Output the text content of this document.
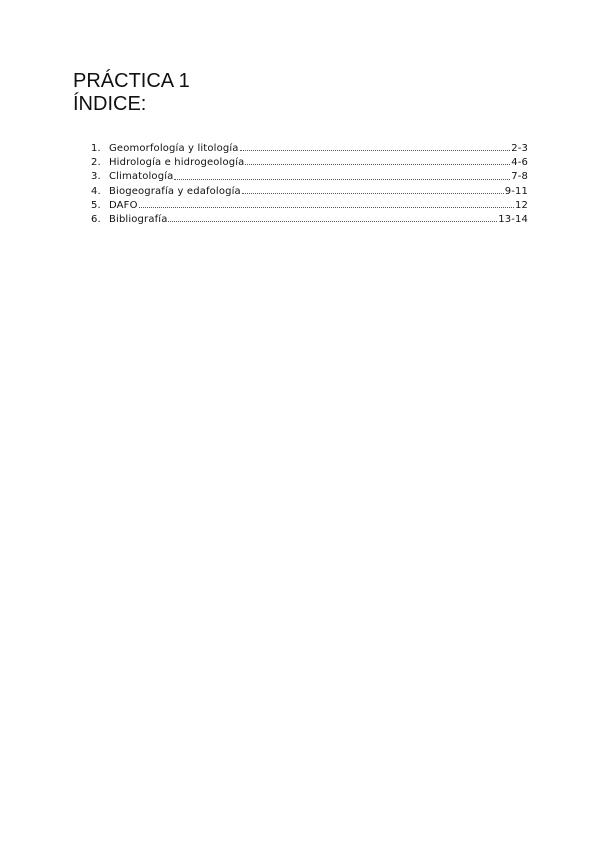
PRÁCTICA 1
ÍNDICE:
1. Geomorfología y litología	2-3
2. Hidrología e hidrogeología	4-6
3. Climatología	7-8
4. Biogeografía y edafología	9-11
5. DAFO	12
6. Bibliografía	13-14
